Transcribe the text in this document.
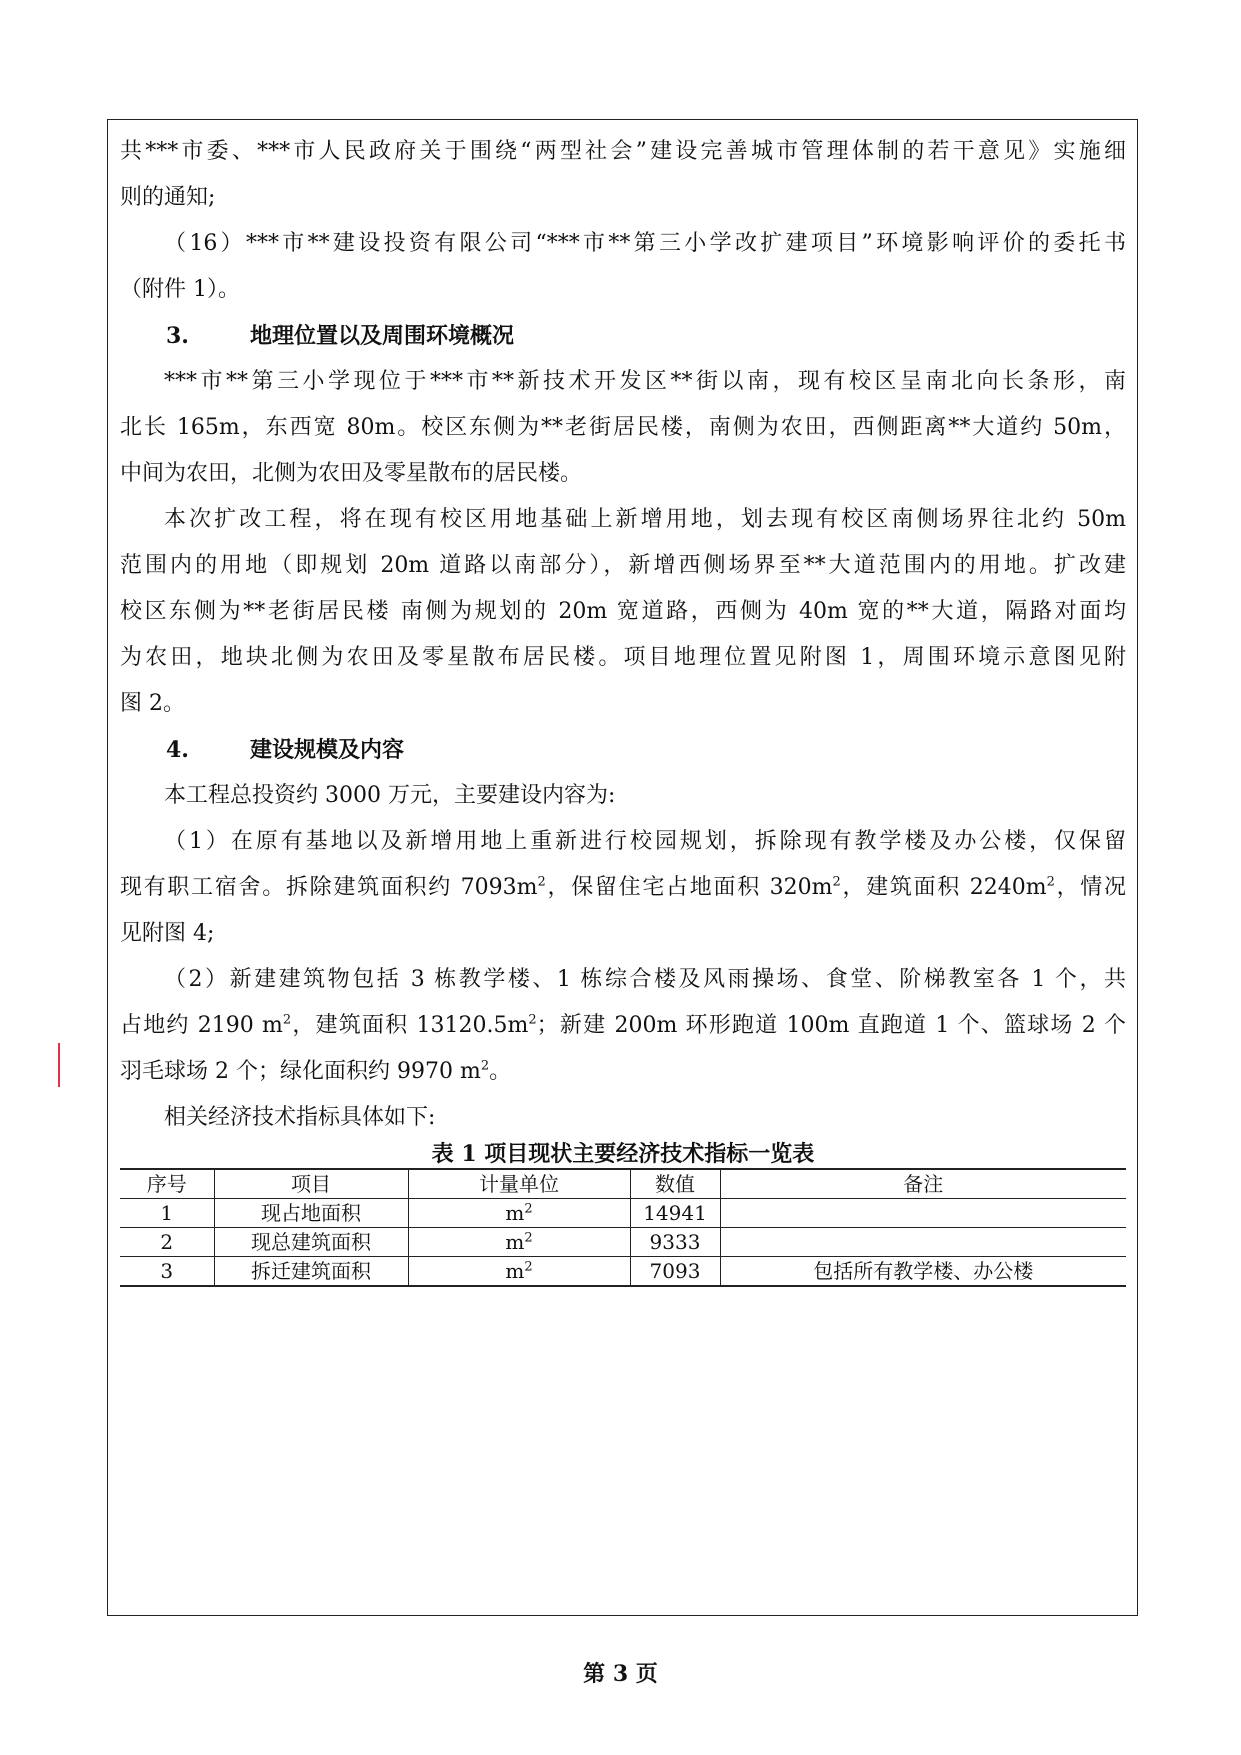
共***市委、***市人民政府关于围绕“两型社会”建设完善城市管理体制的若干意见》实施细
则的通知;
（16）***市**建设投资有限公司“***市**第三小学改扩建项目”环境影响评价的委托书
（附件 1）。
3.	地理位置以及周围环境概况
***市**第三小学现位于***市**新技术开发区**街以南，现有校区呈南北向长条形，南
北长 165m，东西宽 80m。校区东侧为**老街居民楼，南侧为农田，西侧距离**大道约 50m，
中间为农田，北侧为农田及零星散布的居民楼。
本次扩改工程，将在现有校区用地基础上新增用地，划去现有校区南侧场界往北约 50m
范围内的用地（即规划 20m 道路以南部分），新增西侧场界至**大道范围内的用地。扩改建
校区东侧为**老街居民楼 南侧为规划的 20m 宽道路，西侧为 40m 宽的**大道，隔路对面均
为农田，地块北侧为农田及零星散布居民楼。项目地理位置见附图 1，周围环境示意图见附
图 2。
4.	建设规模及内容
本工程总投资约 3000 万元，主要建设内容为:
（1）在原有基地以及新增用地上重新进行校园规划，拆除现有教学楼及办公楼，仅保留
现有职工宿舍。拆除建筑面积约 $7093m^2$，保留住宅占地面积 $320m^2$，建筑面积 $2240m^2$，情况
见附图 4;
（2）新建建筑物包括 3 栋教学楼、1 栋综合楼及风雨操场、食堂、阶梯教室各 1 个，共
占地约 2190 $m^2$，建筑面积 $13120.5m^2$；新建 200m 环形跑道 100m 直跑道 1 个、篮球场 2 个
羽毛球场 2 个；绿化面积约 9970 $m^2$。
相关经济技术指标具体如下:
表 1 项目现状主要经济技术指标一览表
序号	项目	计量单位	数值	备注
1	现占地面积	$m^2$	14941	
2	现总建筑面积	$m^2$	9333	
3	拆迁建筑面积	$m^2$	7093	包括所有教学楼、办公楼
第 3 页
